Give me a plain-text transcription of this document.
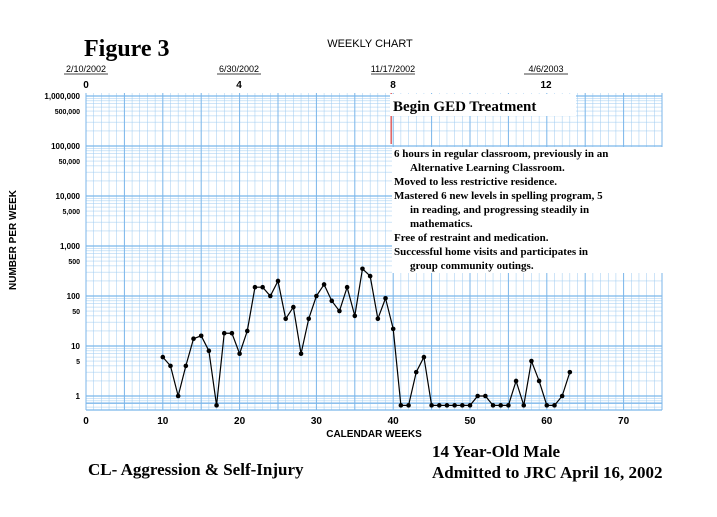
Figure 3	WEEKLY CHART
NUMBER PER WEEK
2/10/2002	6/30/2002	11/17/2002	4/6/2003
0	4	8	12
1,000,000
500,000
100,000
50,000
10,000
5,000
1,000
500
100
50
10
5
1
0	10	20	30	40	50	60	70
CALENDAR WEEKS
Begin GED Treatment
6 hours in regular classroom, previously in an
Alternative Learning Classroom.
Moved to less restrictive residence.
Mastered 6 new levels in spelling program, 5
in reading, and progressing steadily in
mathematics.
Free of restraint and medication.
Successful home visits and participates in
group community outings.
CL- Aggression & Self-Injury
14 Year-Old Male
Admitted to JRC April 16, 2002
